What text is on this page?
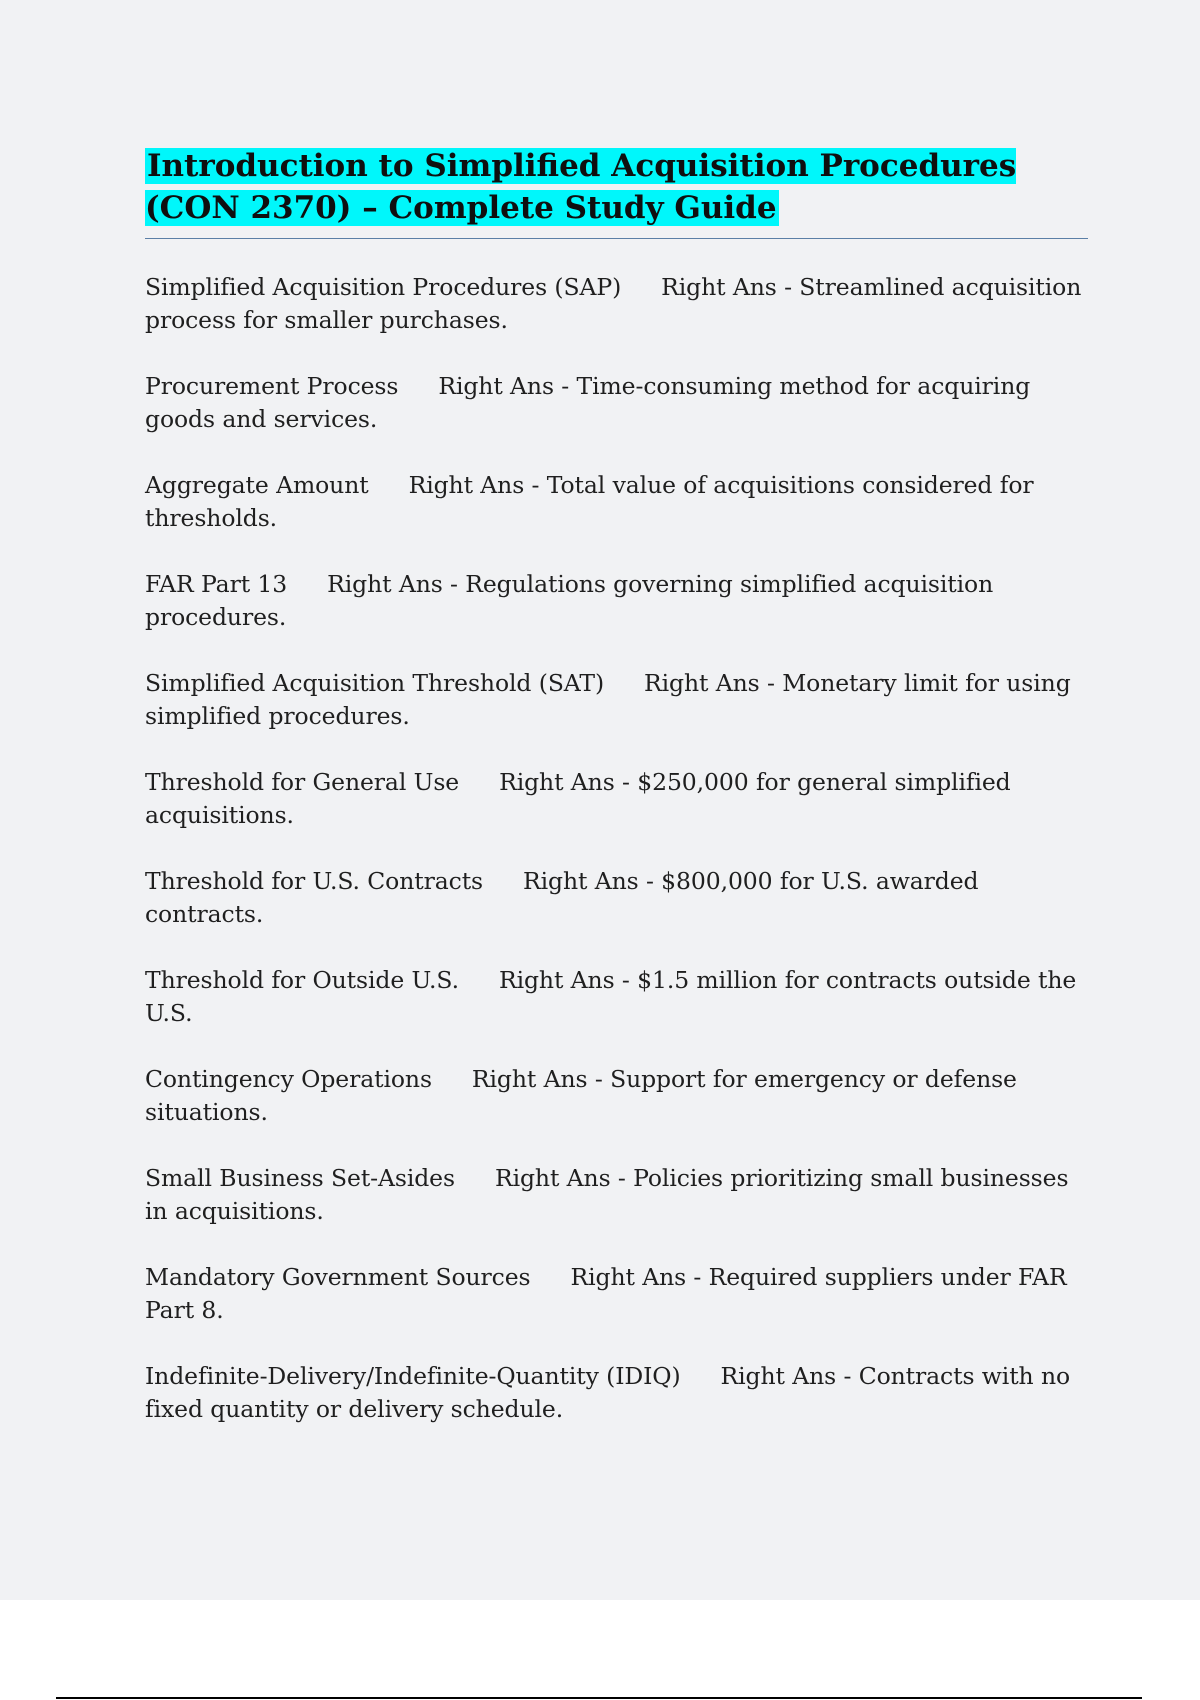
Introduction to Simplified Acquisition Procedures (CON 2370) – Complete Study Guide

Simplified Acquisition Procedures (SAP) Right Ans - Streamlined acquisition process for smaller purchases.

Procurement Process Right Ans - Time-consuming method for acquiring goods and services.

Aggregate Amount Right Ans - Total value of acquisitions considered for thresholds.

FAR Part 13 Right Ans - Regulations governing simplified acquisition procedures.

Simplified Acquisition Threshold (SAT) Right Ans - Monetary limit for using simplified procedures.

Threshold for General Use Right Ans - $250,000 for general simplified acquisitions.

Threshold for U.S. Contracts Right Ans - $800,000 for U.S. awarded contracts.

Threshold for Outside U.S. Right Ans - $1.5 million for contracts outside the U.S.

Contingency Operations Right Ans - Support for emergency or defense situations.

Small Business Set-Asides Right Ans - Policies prioritizing small businesses in acquisitions.

Mandatory Government Sources Right Ans - Required suppliers under FAR Part 8.

Indefinite-Delivery/Indefinite-Quantity (IDIQ) Right Ans - Contracts with no fixed quantity or delivery schedule.
